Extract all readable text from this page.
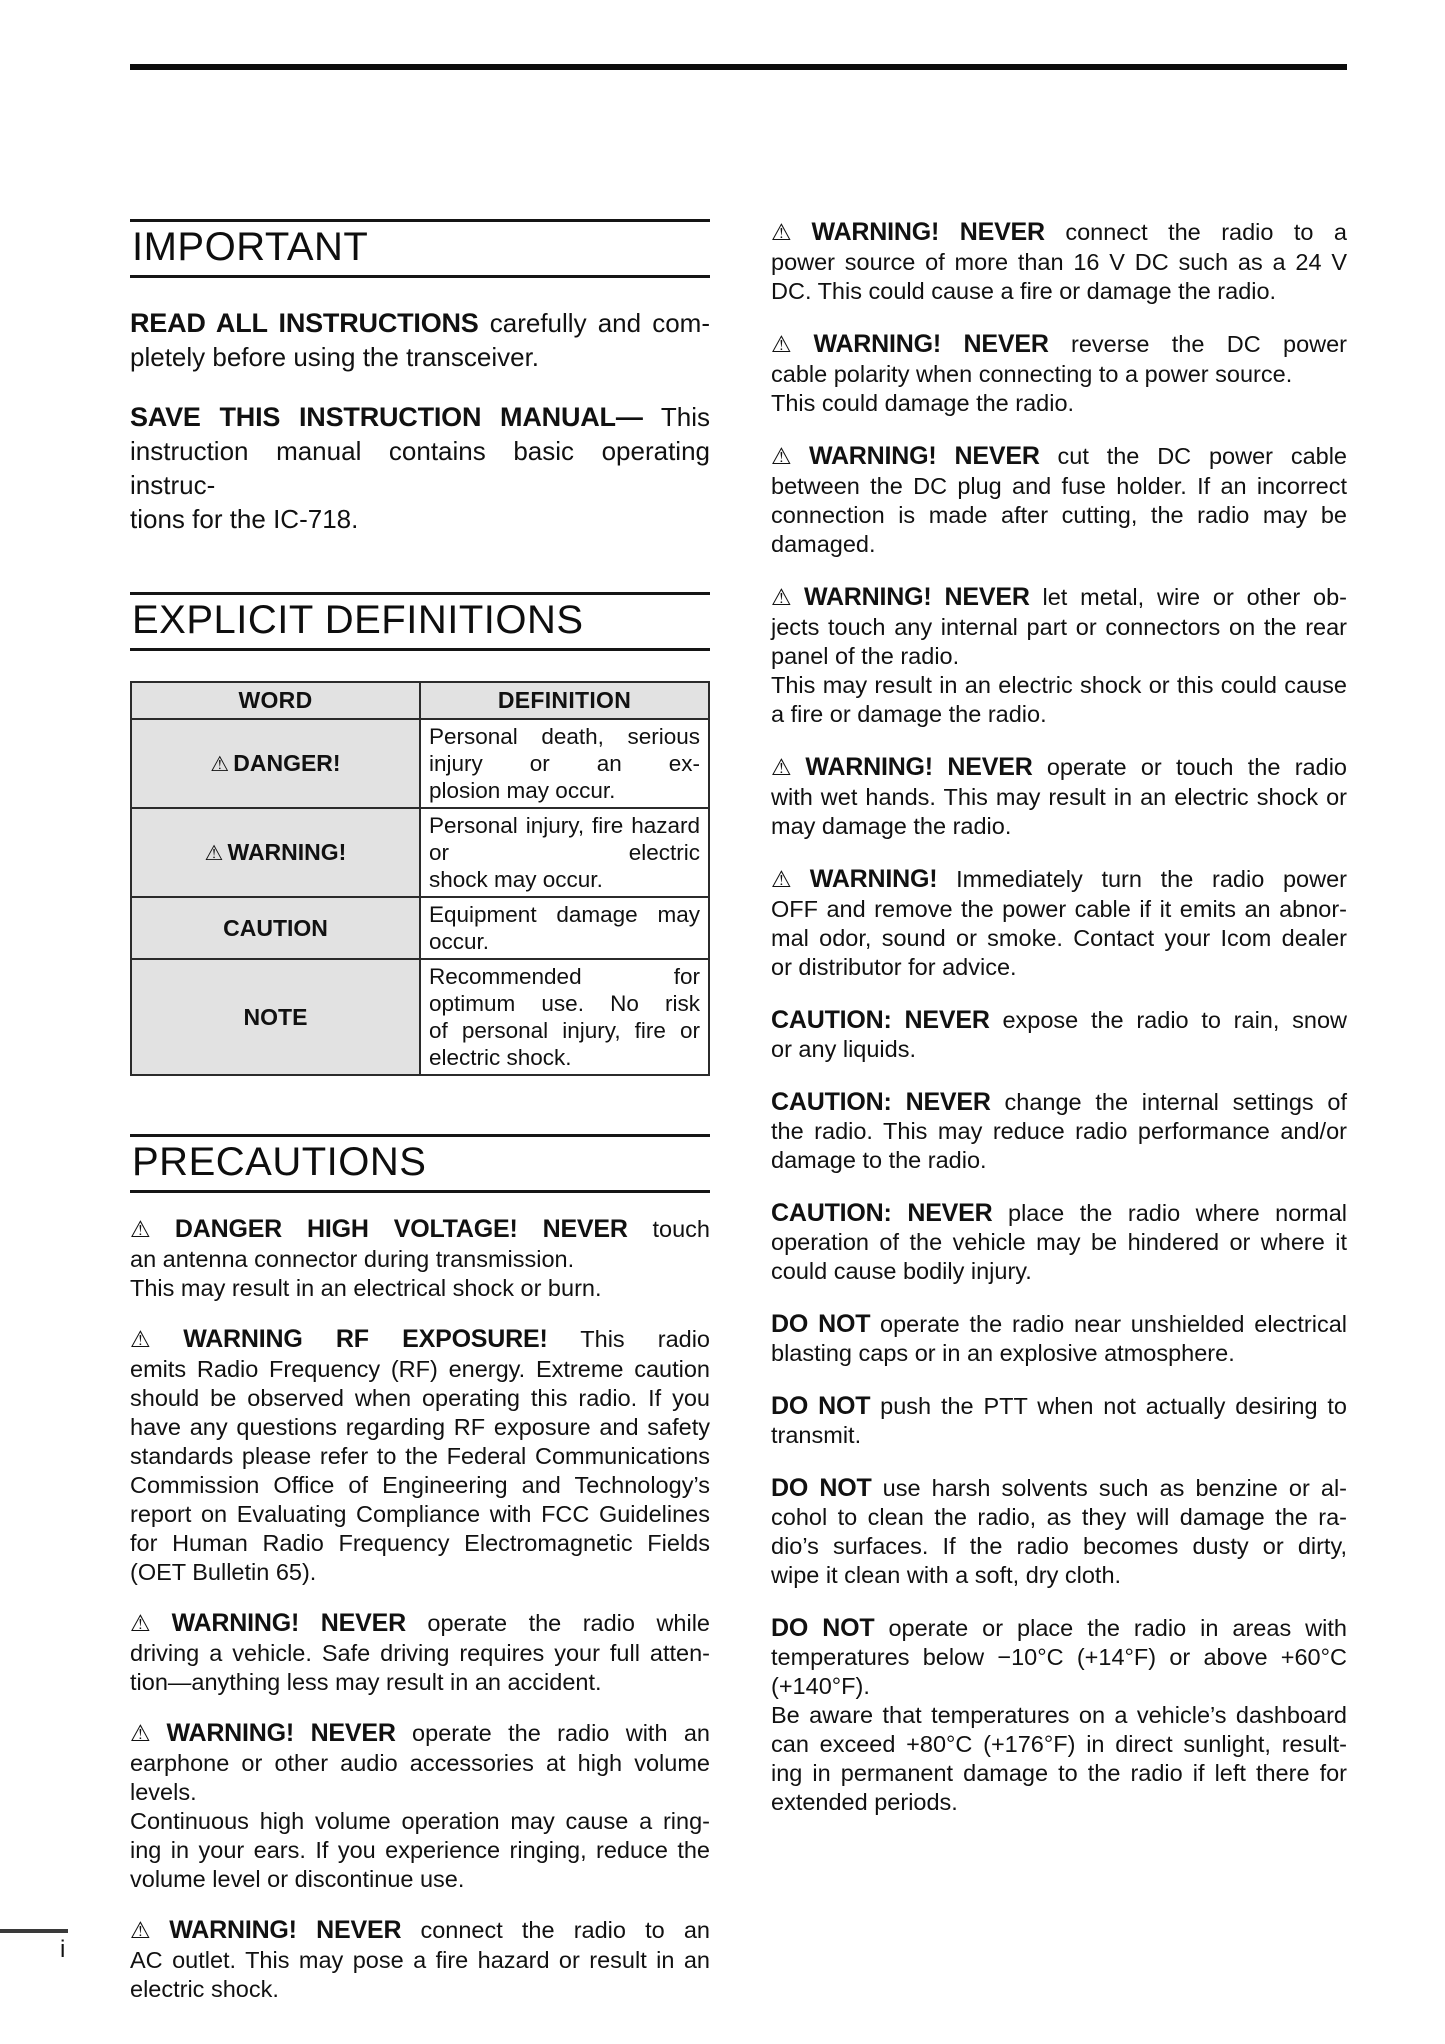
IMPORTANT
READ ALL INSTRUCTIONS carefully and com-
pletely before using the transceiver.
SAVE THIS INSTRUCTION MANUAL— This
instruction manual contains basic operating instruc-
tions for the IC-718.
EXPLICIT DEFINITIONS
WORD	DEFINITION
⚠ DANGER!	Personal death, serious injury or an ex-
plosion may occur.

⚠ WARNING!	Personal injury, fire hazard or electric
shock may occur.

CAUTION	Equipment damage may occur.

NOTE	Recommended for optimum use. No risk
of personal injury, fire or electric shock.
PRECAUTIONS
⚠ DANGER HIGH VOLTAGE! NEVER touch
an antenna connector during transmission.
This may result in an electrical shock or burn.
⚠ WARNING RF EXPOSURE! This radio
emits Radio Frequency (RF) energy. Extreme caution
should be observed when operating this radio. If you
have any questions regarding RF exposure and safety
standards please refer to the Federal Communications
Commission Office of Engineering and Technology’s
report on Evaluating Compliance with FCC Guidelines
for Human Radio Frequency Electromagnetic Fields
(OET Bulletin 65).
⚠ WARNING! NEVER operate the radio while
driving a vehicle. Safe driving requires your full atten-
tion—anything less may result in an accident.
⚠ WARNING! NEVER operate the radio with an
earphone or other audio accessories at high volume
levels.
Continuous high volume operation may cause a ring-
ing in your ears. If you experience ringing, reduce the
volume level or discontinue use.
⚠ WARNING! NEVER connect the radio to an
AC outlet. This may pose a fire hazard or result in an
electric shock.
⚠ WARNING! NEVER connect the radio to a
power source of more than 16 V DC such as a 24 V
DC. This could cause a fire or damage the radio.
⚠ WARNING! NEVER reverse the DC power
cable polarity when connecting to a power source.
This could damage the radio.
⚠ WARNING! NEVER cut the DC power cable
between the DC plug and fuse holder. If an incorrect
connection is made after cutting, the radio may be
damaged.
⚠ WARNING! NEVER let metal, wire or other ob-
jects touch any internal part or connectors on the rear
panel of the radio.
This may result in an electric shock or this could cause
a fire or damage the radio.
⚠ WARNING! NEVER operate or touch the radio
with wet hands. This may result in an electric shock or
may damage the radio.
⚠ WARNING! Immediately turn the radio power
OFF and remove the power cable if it emits an abnor-
mal odor, sound or smoke. Contact your Icom dealer
or distributor for advice.
CAUTION: NEVER expose the radio to rain, snow
or any liquids.
CAUTION: NEVER change the internal settings of
the radio. This may reduce radio performance and/or
damage to the radio.
CAUTION: NEVER place the radio where normal
operation of the vehicle may be hindered or where it
could cause bodily injury.
DO NOT operate the radio near unshielded electrical
blasting caps or in an explosive atmosphere.
DO NOT push the PTT when not actually desiring to
transmit.
DO NOT use harsh solvents such as benzine or al-
cohol to clean the radio, as they will damage the ra-
dio’s surfaces. If the radio becomes dusty or dirty,
wipe it clean with a soft, dry cloth.
DO NOT operate or place the radio in areas with
temperatures below −10°C (+14°F) or above +60°C
(+140°F).
Be aware that temperatures on a vehicle’s dashboard
can exceed +80°C (+176°F) in direct sunlight, result-
ing in permanent damage to the radio if left there for
extended periods.
i
